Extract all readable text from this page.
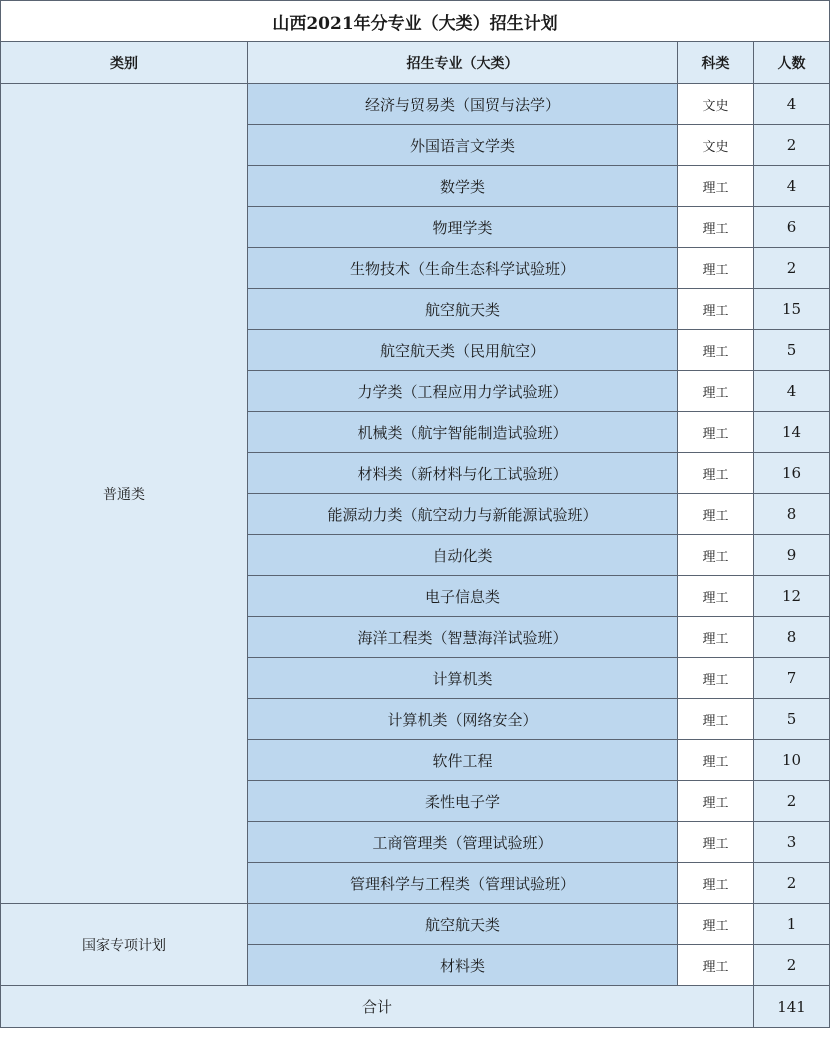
山西2021年分专业（大类）招生计划			
类别	招生专业（大类）	科类	人数
普通类	经济与贸易类（国贸与法学）	文史	4
	外国语言文学类	文史	2
	数学类	理工	4
	物理学类	理工	6
	生物技术（生命生态科学试验班）	理工	2
	航空航天类	理工	15
	航空航天类（民用航空）	理工	5
	力学类（工程应用力学试验班）	理工	4
	机械类（航宇智能制造试验班）	理工	14
	材料类（新材料与化工试验班）	理工	16
	能源动力类（航空动力与新能源试验班）	理工	8
	自动化类	理工	9
	电子信息类	理工	12
	海洋工程类（智慧海洋试验班）	理工	8
	计算机类	理工	7
	计算机类（网络安全）	理工	5
	软件工程	理工	10
	柔性电子学	理工	2
	工商管理类（管理试验班）	理工	3
	管理科学与工程类（管理试验班）	理工	2
国家专项计划	航空航天类	理工	1
	材料类	理工	2
合计			141
